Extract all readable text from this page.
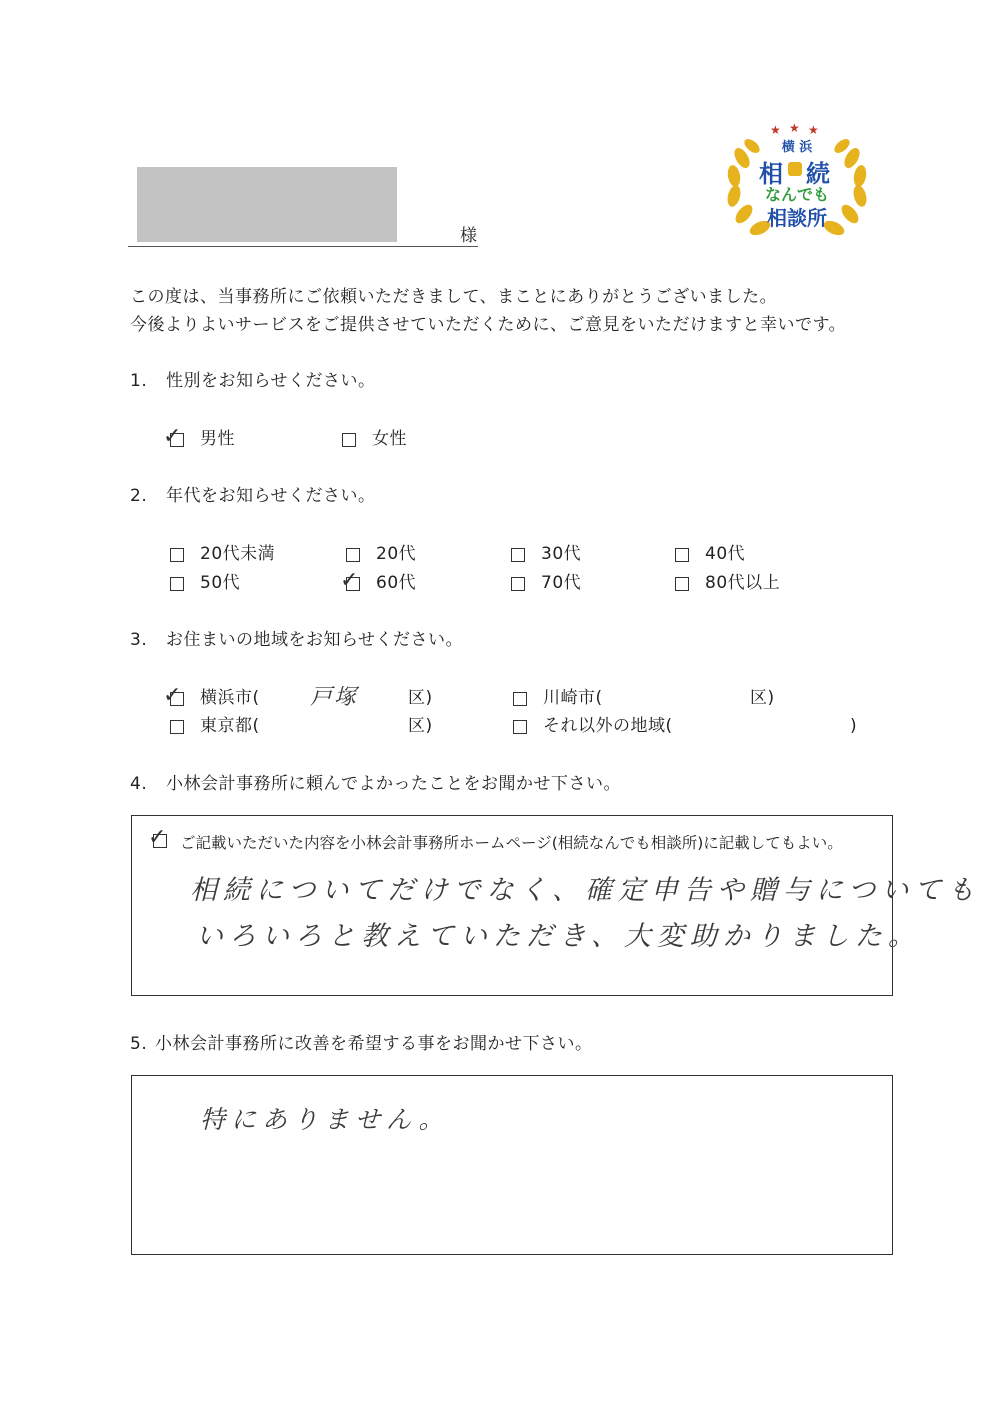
様
★ ★ ★
横 浜
相 続
なんでも
相談所
この度は、当事務所にご依頼いただきまして、まことにありがとうございました。
今後よりよいサービスをご提供させていただくために、ご意見をいただけますと幸いです。
1. 性別をお知らせください。
✓ 男性	女性
2. 年代をお知らせください。
20代未満	20代	30代	40代
50代	✓ 60代	70代	80代以上
3. お住まいの地域をお知らせください。
✓ 横浜市( 戸塚	区)	川崎市(	区)
東京都(	区)	それ以外の地域(	)
4. 小林会計事務所に頼んでよかったことをお聞かせ下さい。
✓ ご記載いただいた内容を小林会計事務所ホームページ(相続なんでも相談所)に記載してもよい。
相続についてだけでなく、確定申告や贈与についても
いろいろと教えていただき、大変助かりました。
5. 小林会計事務所に改善を希望する事をお聞かせ下さい。
特にありません。
